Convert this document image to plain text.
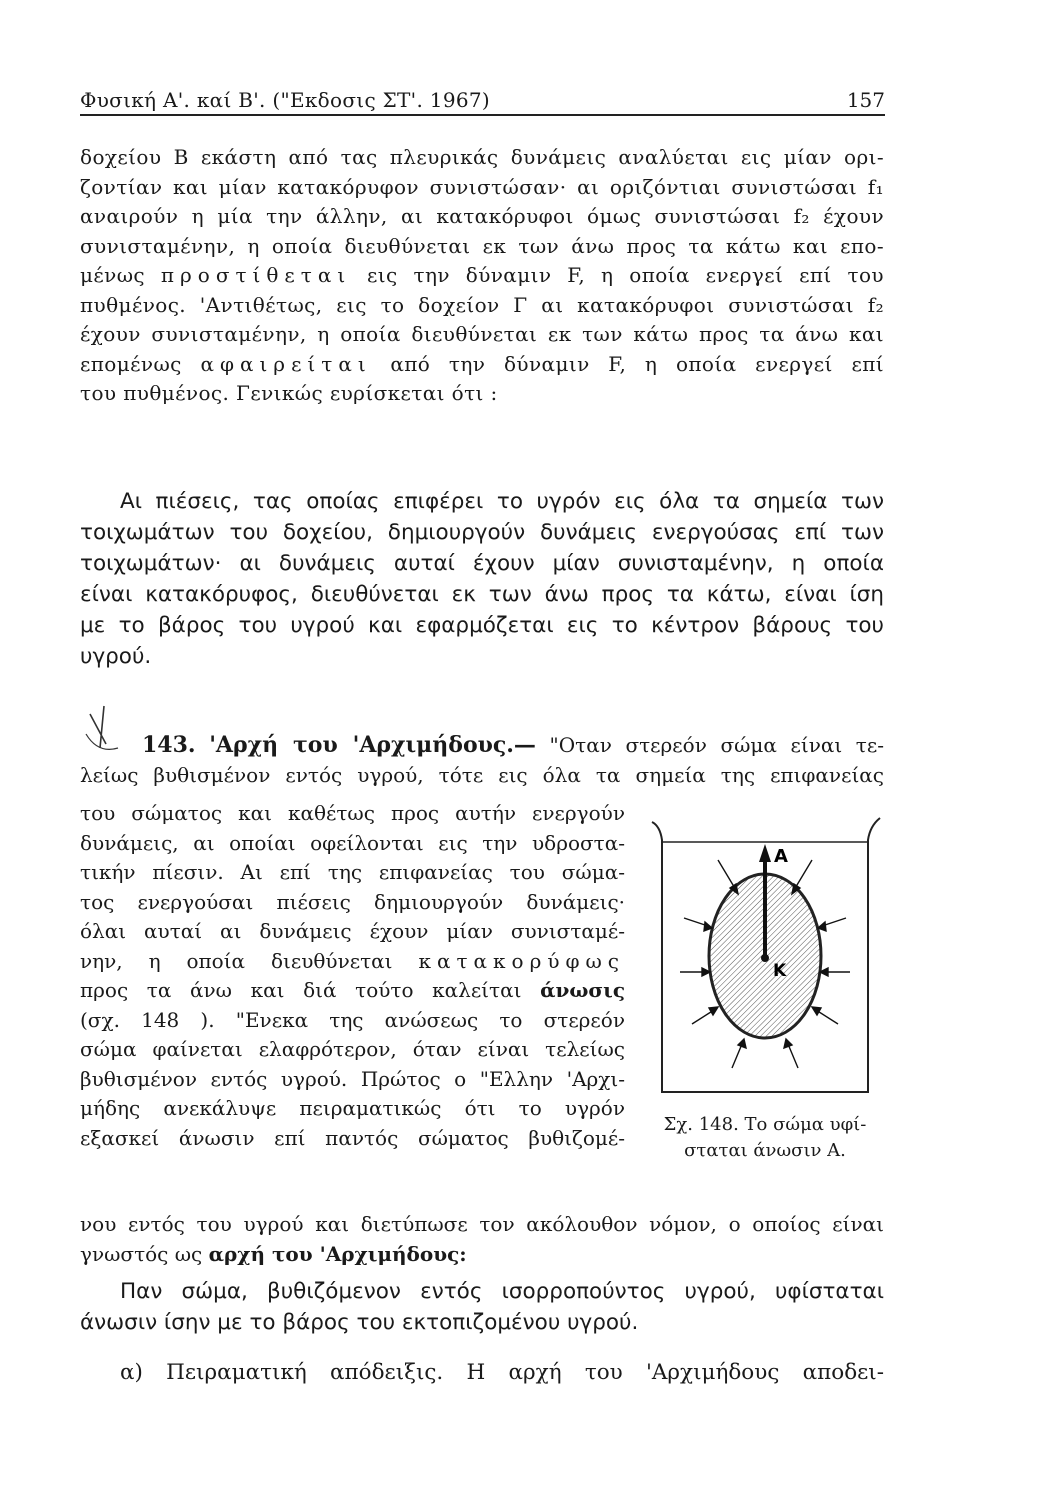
Φυσική Α'. καί Β'. ("Εκδοσις ΣΤ'. 1967)	157
δοχείου Β εκάστη από τας πλευρικάς δυνάμεις αναλύεται εις μίαν ορι-
ζοντίαν και μίαν κατακόρυφον συνιστώσαν· αι οριζόντιαι συνιστώσαι f₁
αναιρούν η μία την άλλην, αι κατακόρυφοι όμως συνιστώσαι f₂ έχουν
συνισταμένην, η οποία διευθύνεται εκ των άνω προς τα κάτω και επο-
μένως προστίθεται εις την δύναμιν F, η οποία ενεργεί επί του
πυθμένος. 'Αντιθέτως, εις το δοχείον Γ αι κατακόρυφοι συνιστώσαι f₂
έχουν συνισταμένην, η οποία διευθύνεται εκ των κάτω προς τα άνω και
επομένως αφαιρείται από την δύναμιν F, η οποία ενεργεί επί
του πυθμένος. Γενικώς ευρίσκεται ότι :
Αι πιέσεις, τας οποίας επιφέρει το υγρόν εις όλα τα σημεία των
τοιχωμάτων του δοχείου, δημιουργούν δυνάμεις ενεργούσας επί των
τοιχωμάτων· αι δυνάμεις αυταί έχουν μίαν συνισταμένην, η οποία
είναι κατακόρυφος, διευθύνεται εκ των άνω προς τα κάτω, είναι ίση
με το βάρος του υγρού και εφαρμόζεται εις το κέντρον βάρους του
υγρού.
143. 'Αρχή του 'Αρχιμήδους.— "Οταν στερεόν σώμα είναι τε-
λείως βυθισμένον εντός υγρού, τότε εις όλα τα σημεία της επιφανείας
του σώματος και καθέτως προς αυτήν ενεργούν
δυνάμεις, αι οποίαι οφείλονται εις την υδροστα-
τικήν πίεσιν. Αι επί της επιφανείας του σώμα-
τος ενεργούσαι πιέσεις δημιουργούν δυνάμεις·
όλαι αυταί αι δυνάμεις έχουν μίαν συνισταμέ-
νην, η οποία διευθύνεται κατακορύφως
προς τα άνω και διά τούτο καλείται άνωσις
(σχ. 148 ). "Ενεκα της ανώσεως το στερεόν
σώμα φαίνεται ελαφρότερον, όταν είναι τελείως
βυθισμένον εντός υγρού. Πρώτος ο "Ελλην 'Αρχι-
μήδης ανεκάλυψε πειραματικώς ότι το υγρόν
εξασκεί άνωσιν επί παντός σώματος βυθιζομέ-
νου εντός του υγρού και διετύπωσε τον ακόλουθον νόμον, ο οποίος είναι
γνωστός ως αρχή του 'Αρχιμήδους:
Παν σώμα, βυθιζόμενον εντός ισορροπούντος υγρού, υφίσταται
άνωσιν ίσην με το βάρος του εκτοπιζομένου υγρού.
α) Πειραματική απόδειξις. Η αρχή του 'Αρχιμήδους αποδει-
Α
Κ
Σχ. 148. Το σώμα υφί-
σταται άνωσιν Α.
